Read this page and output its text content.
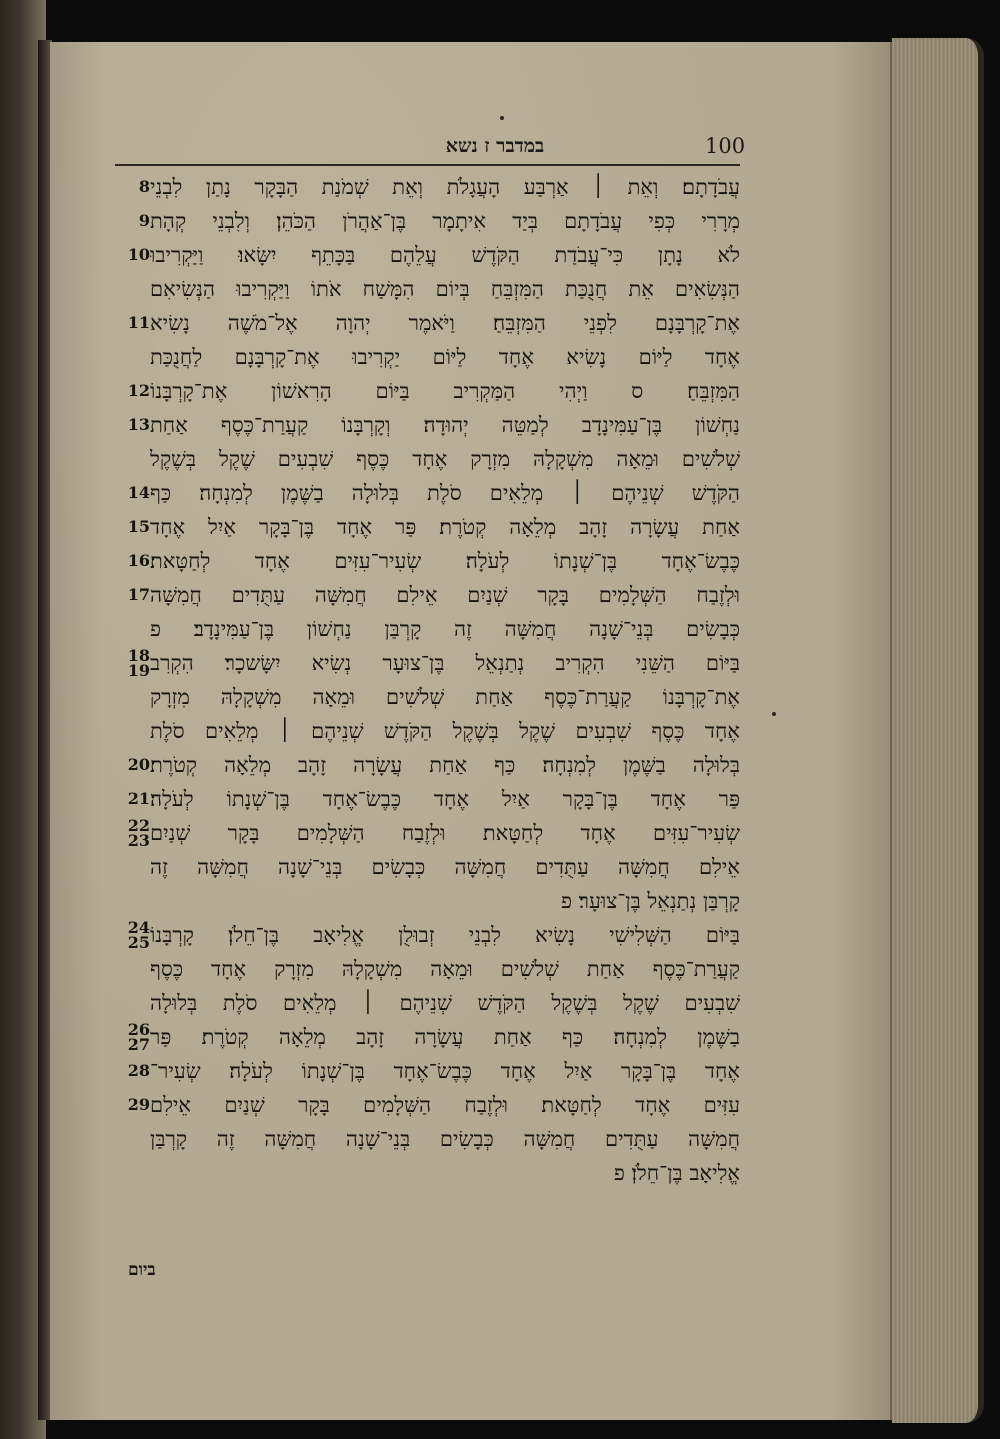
במדבר ז נשא	100
8
9
10
11
12
13
14
15
16
17
18
19
20
21
22
23
24
25
26
27
28
29
עֲבֹדָתָם׃ וְאֵת ׀ אַרְבַּע הָעֲגָלֹת וְאֵת שְׁמֹנַת הַבָּקָר נָתַן לִבְנֵי
מְרָרִי כְּפִי עֲבֹדָתָם בְּיַד אִיתָמָר בֶּן־אַהֲרֹן הַכֹּהֵן׃ וְלִבְנֵי קְהָת
לֹא נָתָן כִּי־עֲבֹדַת הַקֹּדֶשׁ עֲלֵהֶם בַּכָּתֵף יִשָּׂאוּ׃ וַיַּקְרִיבוּ
הַנְּשִׂאִים אֵת חֲנֻכַּת הַמִּזְבֵּחַ בְּיוֹם הִמָּשַׁח אֹתוֹ וַיַּקְרִיבוּ הַנְּשִׂיאִם
אֶת־קָרְבָּנָם לִפְנֵי הַמִּזְבֵּחַ׃ וַיֹּאמֶר יְהוָה אֶל־מֹשֶׁה נָשִׂיא
אֶחָד לַיּוֹם נָשִׂיא אֶחָד לַיּוֹם יַקְרִיבוּ אֶת־קָרְבָּנָם לַחֲנֻכַּת
הַמִּזְבֵּחַ׃ ס וַיְהִי הַמַּקְרִיב בַּיּוֹם הָרִאשׁוֹן אֶת־קָרְבָּנוֹ
נַחְשׁוֹן בֶּן־עַמִּינָדָב לְמַטֵּה יְהוּדָה׃ וְקָרְבָּנוֹ קַעֲרַת־כֶּסֶף אַחַת
שְׁלֹשִׁים וּמֵאָה מִשְׁקָלָהּ מִזְרָק אֶחָד כֶּסֶף שִׁבְעִים שֶׁקֶל בְּשֶׁקֶל
הַקֹּדֶשׁ שְׁנֵיהֶם ׀ מְלֵאִים סֹלֶת בְּלוּלָה בַשֶּׁמֶן לְמִנְחָה׃ כַּף
אַחַת עֲשָׂרָה זָהָב מְלֵאָה קְטֹרֶת׃ פַּר אֶחָד בֶּן־בָּקָר אַיִל אֶחָד
כֶּבֶשׂ־אֶחָד בֶּן־שְׁנָתוֹ לְעֹלָה׃ שְׂעִיר־עִזִּים אֶחָד לְחַטָּאת׃
וּלְזֶבַח הַשְּׁלָמִים בָּקָר שְׁנַיִם אֵילִם חֲמִשָּׁה עַתֻּדִים חֲמִשָּׁה
כְּבָשִׂים בְּנֵי־שָׁנָה חֲמִשָּׁה זֶה קָרְבַּן נַחְשׁוֹן בֶּן־עַמִּינָדָב׃ פ
בַּיּוֹם הַשֵּׁנִי הִקְרִיב נְתַנְאֵל בֶּן־צוּעָר נְשִׂיא יִשָּׂשכָר׃ הִקְרִב
אֶת־קָרְבָּנוֹ קַעֲרַת־כֶּסֶף אַחַת שְׁלֹשִׁים וּמֵאָה מִשְׁקָלָהּ מִזְרָק
אֶחָד כֶּסֶף שִׁבְעִים שֶׁקֶל בְּשֶׁקֶל הַקֹּדֶשׁ שְׁנֵיהֶם ׀ מְלֵאִים סֹלֶת
בְּלוּלָה בַשֶּׁמֶן לְמִנְחָה׃ כַּף אַחַת עֲשָׂרָה זָהָב מְלֵאָה קְטֹרֶת׃
פַּר אֶחָד בֶּן־בָּקָר אַיִל אֶחָד כֶּבֶשׂ־אֶחָד בֶּן־שְׁנָתוֹ לְעֹלָה׃
שְׂעִיר־עִזִּים אֶחָד לְחַטָּאת׃ וּלְזֶבַח הַשְּׁלָמִים בָּקָר שְׁנַיִם
אֵילִם חֲמִשָּׁה עַתֻּדִים חֲמִשָּׁה כְּבָשִׂים בְּנֵי־שָׁנָה חֲמִשָּׁה זֶה
קָרְבַּן נְתַנְאֵל בֶּן־צוּעָר׃ פ
בַּיּוֹם הַשְּׁלִישִׁי נָשִׂיא לִבְנֵי זְבוּלֻן אֱלִיאָב בֶּן־חֵלֹן׃ קָרְבָּנוֹ
קַעֲרַת־כֶּסֶף אַחַת שְׁלֹשִׁים וּמֵאָה מִשְׁקָלָהּ מִזְרָק אֶחָד כֶּסֶף
שִׁבְעִים שֶׁקֶל בְּשֶׁקֶל הַקֹּדֶשׁ שְׁנֵיהֶם ׀ מְלֵאִים סֹלֶת בְּלוּלָה
בַשֶּׁמֶן לְמִנְחָה׃ כַּף אַחַת עֲשָׂרָה זָהָב מְלֵאָה קְטֹרֶת׃ פַּר
אֶחָד בֶּן־בָּקָר אַיִל אֶחָד כֶּבֶשׂ־אֶחָד בֶּן־שְׁנָתוֹ לְעֹלָה׃ שְׂעִיר־
עִזִּים אֶחָד לְחַטָּאת׃ וּלְזֶבַח הַשְּׁלָמִים בָּקָר שְׁנַיִם אֵילִם
חֲמִשָּׁה עַתֻּדִים חֲמִשָּׁה כְּבָשִׂים בְּנֵי־שָׁנָה חֲמִשָּׁה זֶה קָרְבַּן
אֱלִיאָב בֶּן־חֵלֹן׃ פ
ביום
